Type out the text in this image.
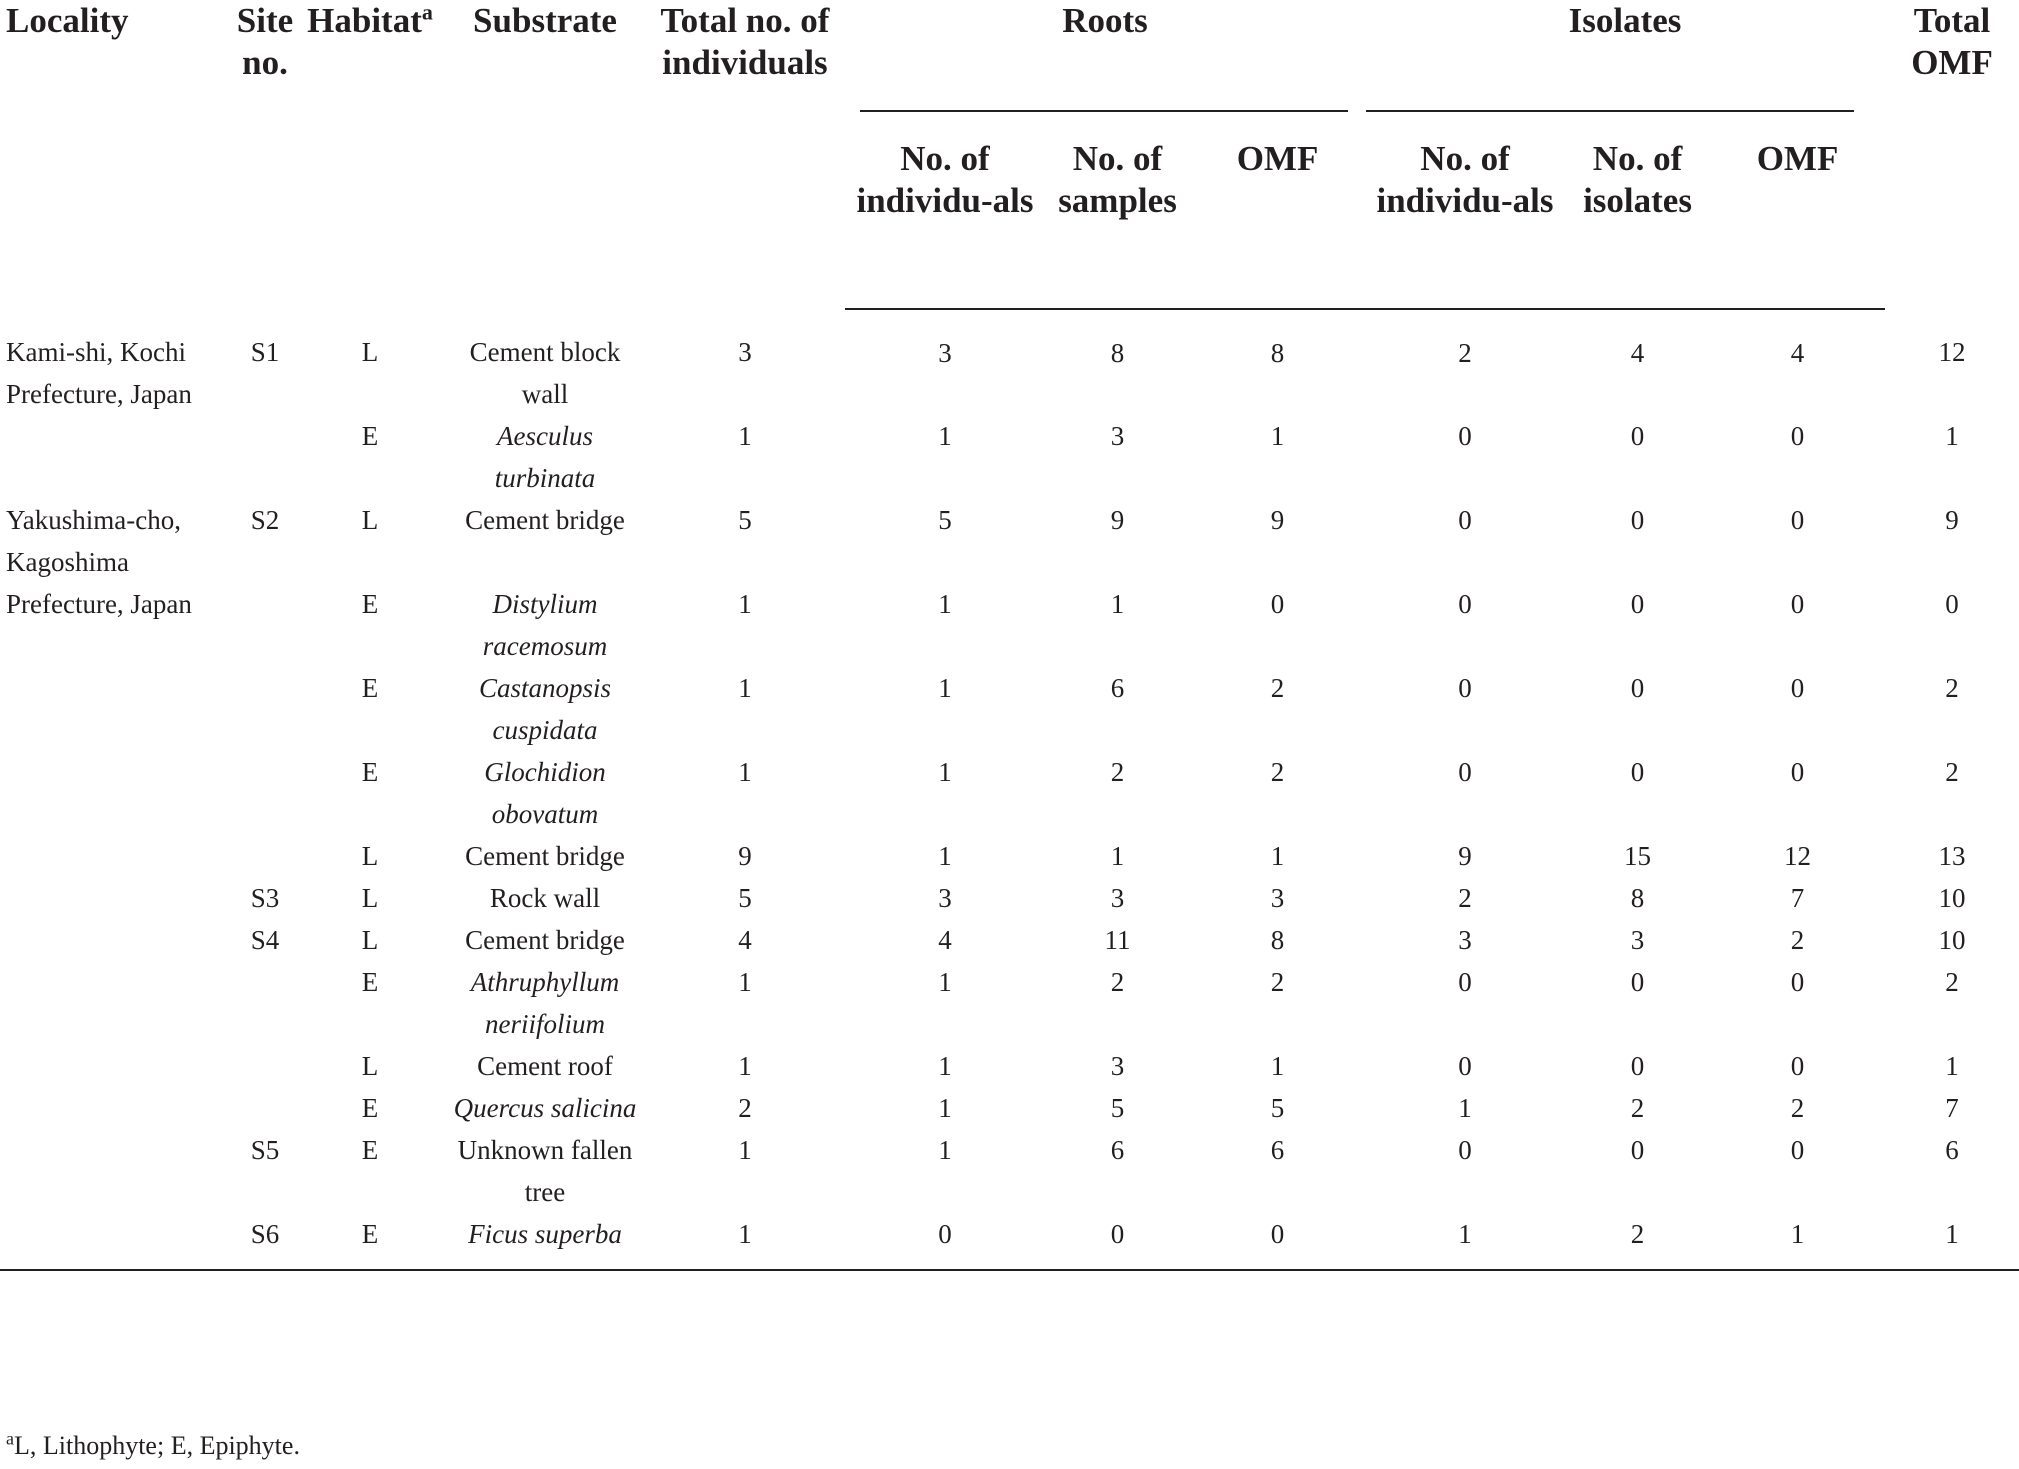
Locality	Site no.	Habitat$^a$	Substrate	Total no. of individuals	Roots			Isolates			Total OMF
					No. of individu-als	No. of samples	OMF	No. of individu-als	No. of isolates	OMF	
Kami-shi, Kochi Prefecture, Japan	S1	L	Cement block wall	3	3	8	8	2	4	4	12
		E	Aesculus turbinata	1	1	3	1	0	0	0	1
Yakushima-cho, Kagoshima	S2	L	Cement bridge	5	5	9	9	0	0	0	9
Prefecture, Japan		E	Distylium racemosum	1	1	1	0	0	0	0	0
		E	Castanopsis cuspidata	1	1	6	2	0	0	0	2
		E	Glochidion obovatum	1	1	2	2	0	0	0	2
		L	Cement bridge	9	1	1	1	9	15	12	13
	S3	L	Rock wall	5	3	3	3	2	8	7	10
	S4	L	Cement bridge	4	4	11	8	3	3	2	10
		E	Athruphyllum neriifolium	1	1	2	2	0	0	0	2
		L	Cement roof	1	1	3	1	0	0	0	1
		E	Quercus salicina	2	1	5	5	1	2	2	7
	S5	E	Unknown fallen tree	1	1	6	6	0	0	0	6
	S6	E	Ficus superba	1	0	0	0	1	2	1	1
$^a$L, Lithophyte; E, Epiphyte.
